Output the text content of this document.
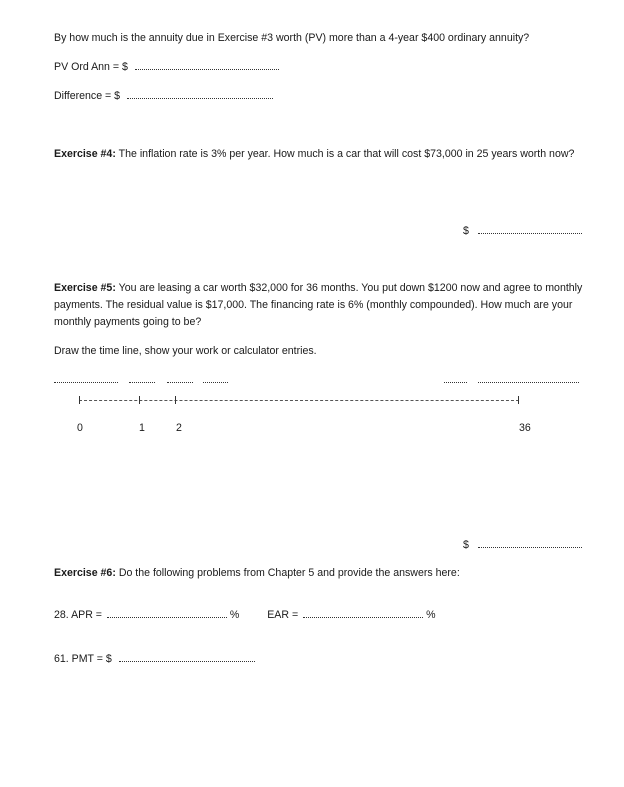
By how much is the annuity due in Exercise #3 worth (PV) more than a 4-year $400 ordinary annuity?
PV Ord Ann = $
Difference = $
Exercise #4: The inflation rate is 3% per year. How much is a car that will cost $73,000 in 25 years worth now?
$
Exercise #5: You are leasing a car worth $32,000 for 36 months. You put down $1200 now and agree to monthly payments. The residual value is $17,000. The financing rate is 6% (monthly compounded). How much are your monthly payments going to be?
Draw the time line, show your work or calculator entries.
0	1	2	36
$
Exercise #6: Do the following problems from Chapter 5 and provide the answers here:
28. APR =	%	EAR =	%
61. PMT = $
